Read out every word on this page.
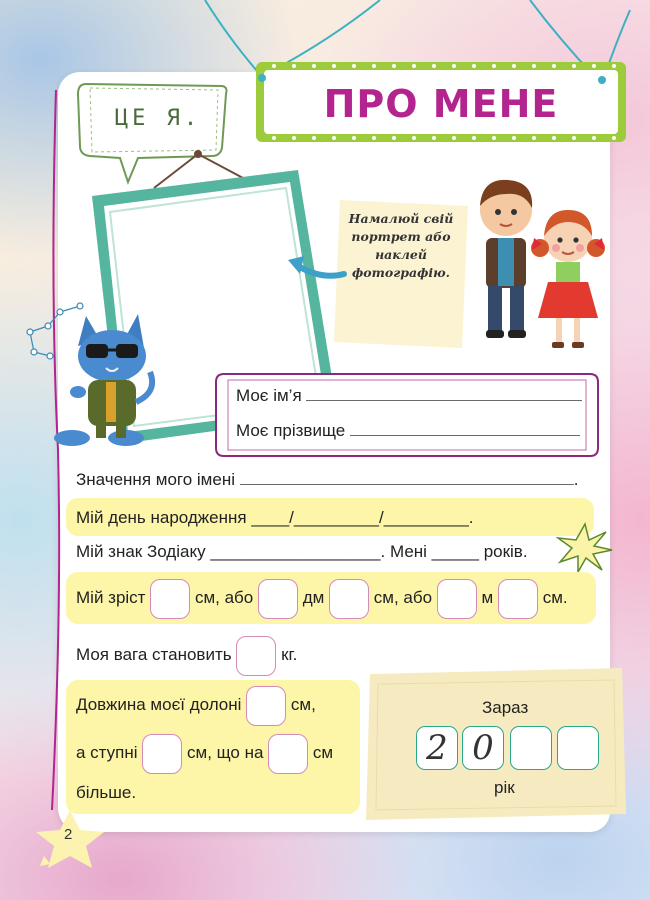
ПРО МЕНЕ
ЦЕ Я.
Намалюй свій портрет або наклей фотографію.
Моє ім’я
Моє прізвище
Значення мого імені	.
Мій день народження ____/_________/_________.
Мій знак Зодіаку __________________. Мені _____ років.
Мій зріст	см, або	дм	см, або	м	см.
Моя вага становить	кг.
Довжина моєї долоні	см,
а ступні	см, що на	см
більше.
Зараз
2 0
рік
2
